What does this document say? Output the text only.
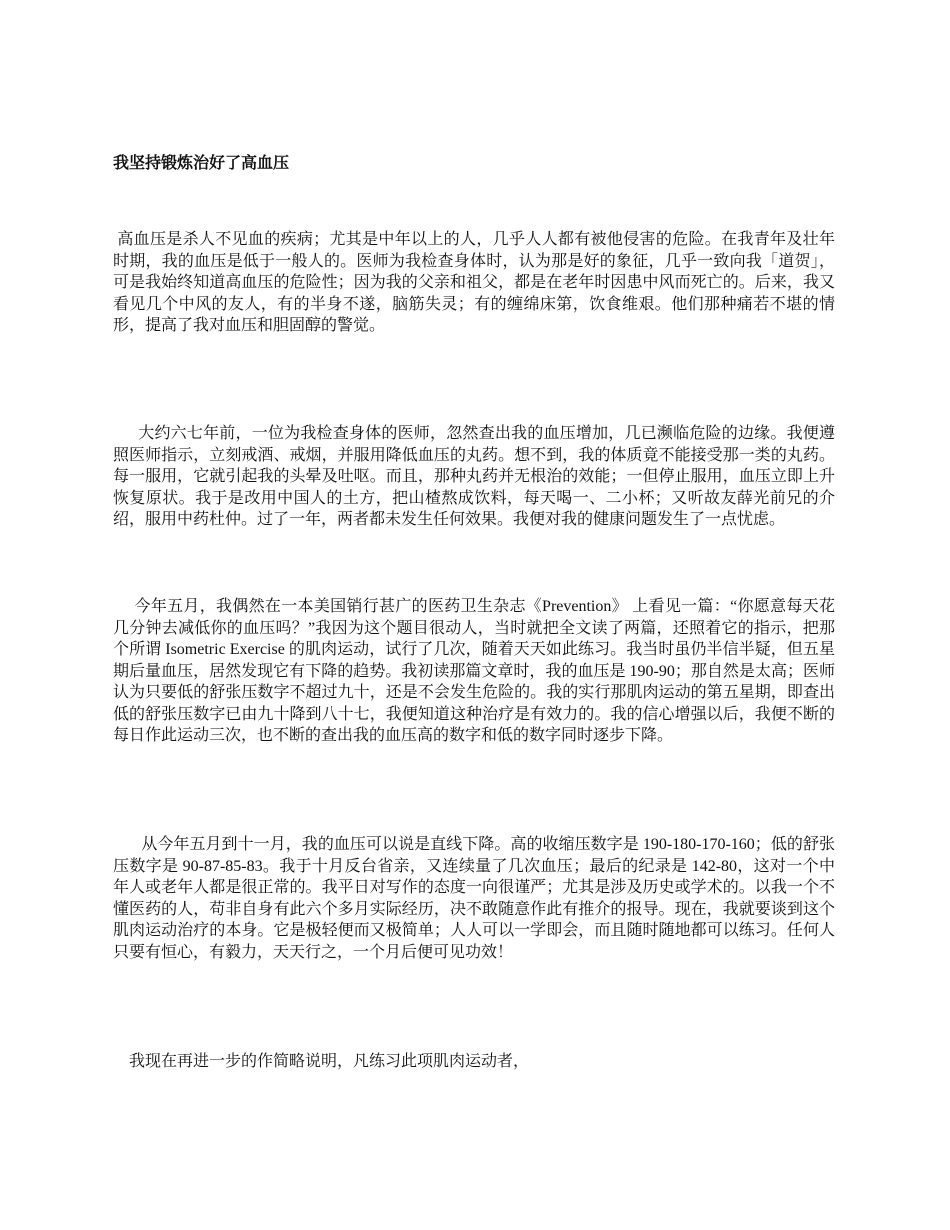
我坚持锻炼治好了高血压

高血压是杀人不见血的疾病；尤其是中年以上的人，几乎人人都有被他侵害的危险。在我青年及壮年时期，我的血压是低于一般人的。医师为我检查身体时，认为那是好的象征，几乎一致向我「道贺」，可是我始终知道高血压的危险性；因为我的父亲和祖父，都是在老年时因患中风而死亡的。后来，我又看见几个中风的友人，有的半身不遂，脑筋失灵；有的缠绵床第，饮食维艰。他们那种痛若不堪的情形，提高了我对血压和胆固醇的警觉。

大约六七年前，一位为我检查身体的医师，忽然查出我的血压增加，几已濒临危险的边缘。我便遵照医师指示，立刻戒酒、戒烟，并服用降低血压的丸药。想不到，我的体质竟不能接受那一类的丸药。每一服用，它就引起我的头晕及吐呕。而且，那种丸药并无根治的效能；一但停止服用，血压立即上升恢复原状。我于是改用中国人的土方，把山楂熬成饮料，每天喝一、二小杯；又听故友薛光前兄的介绍，服用中药杜仲。过了一年，两者都未发生任何效果。我便对我的健康问题发生了一点忧虑。

今年五月，我偶然在一本美国销行甚广的医药卫生杂志《Prevention》 上看见一篇：“你愿意每天花几分钟去减低你的血压吗？”我因为这个题目很动人，当时就把全文读了两篇，还照着它的指示，把那个所谓 Isometric Exercise 的肌肉运动，试行了几次，随着天天如此练习。我当时虽仍半信半疑，但五星期后量血压，居然发现它有下降的趋势。我初读那篇文章时，我的血压是 190-90；那自然是太高；医师认为只要低的舒张压数字不超过九十，还是不会发生危险的。我的实行那肌肉运动的第五星期，即查出低的舒张压数字已由九十降到八十七，我便知道这种治疗是有效力的。我的信心增强以后，我便不断的每日作此运动三次，也不断的查出我的血压高的数字和低的数字同时逐步下降。

从今年五月到十一月，我的血压可以说是直线下降。高的收缩压数字是 190-180-170-160；低的舒张压数字是 90-87-85-83。我于十月反台省亲，又连续量了几次血压；最后的纪录是 142-80，这对一个中年人或老年人都是很正常的。我平日对写作的态度一向很谨严；尤其是涉及历史或学术的。以我一个不懂医药的人，苟非自身有此六个多月实际经历，决不敢随意作此有推介的报导。现在，我就要谈到这个肌肉运动治疗的本身。它是极轻便而又极简单；人人可以一学即会，而且随时随地都可以练习。任何人只要有恒心，有毅力，天天行之，一个月后便可见功效！

我现在再进一步的作简略说明，凡练习此项肌肉运动者，
